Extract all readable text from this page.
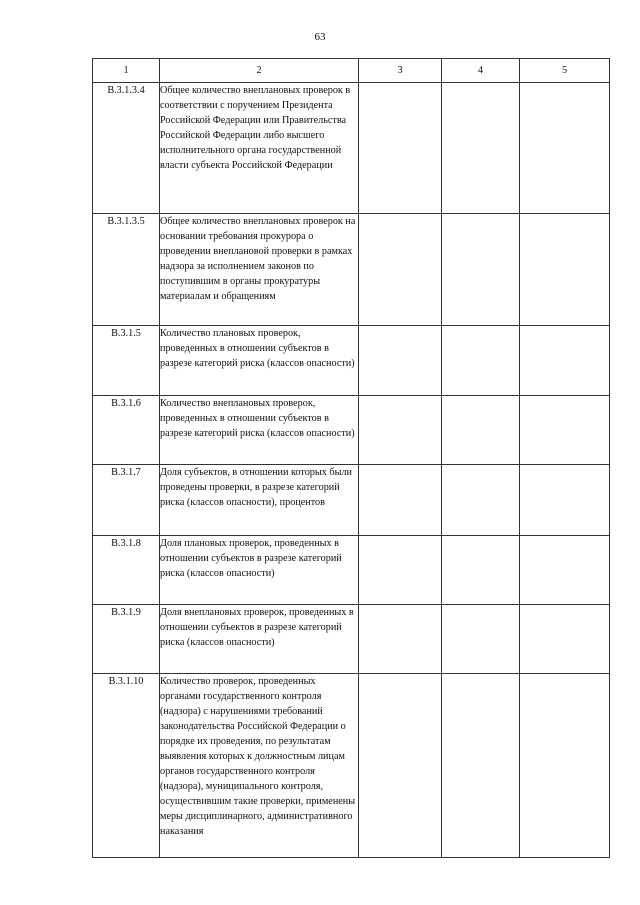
63
1	2	3	4	5
В.3.1.3.4	Общее количество внеплановых проверок в соответствии с поручением Президента Российской Федерации или Правительства Российской Федерации либо высшего исполнительного органа государственной власти субъекта Российской Федерации			
В.3.1.3.5	Общее количество внеплановых проверок на основании требования прокурора о проведении внеплановой проверки в рамках надзора за исполнением законов по поступившим в органы прокуратуры материалам и обращениям			
В.3.1.5	Количество плановых проверок, проведенных в отношении субъектов в разрезе категорий риска (классов опасности)			
В.3.1.6	Количество внеплановых проверок, проведенных в отношении субъектов в разрезе категорий риска (классов опасности)			
В.3.1.7	Доля субъектов, в отношении которых были проведены проверки, в разрезе категорий риска (классов опасности), процентов			
В.3.1.8	Доля плановых проверок, проведенных в отношении субъектов в разрезе категорий риска (классов опасности)			
В.3.1.9	Доля внеплановых проверок, проведенных в отношении субъектов в разрезе категорий риска (классов опасности)			
В.3.1.10	Количество проверок, проведенных органами государственного контроля (надзора) с нарушениями требований законодательства Российской Федерации о порядке их проведения, по результатам выявления которых к должностным лицам органов государственного контроля (надзора), муниципального контроля, осуществившим такие проверки, применены меры дисциплинарного, административного наказания			
